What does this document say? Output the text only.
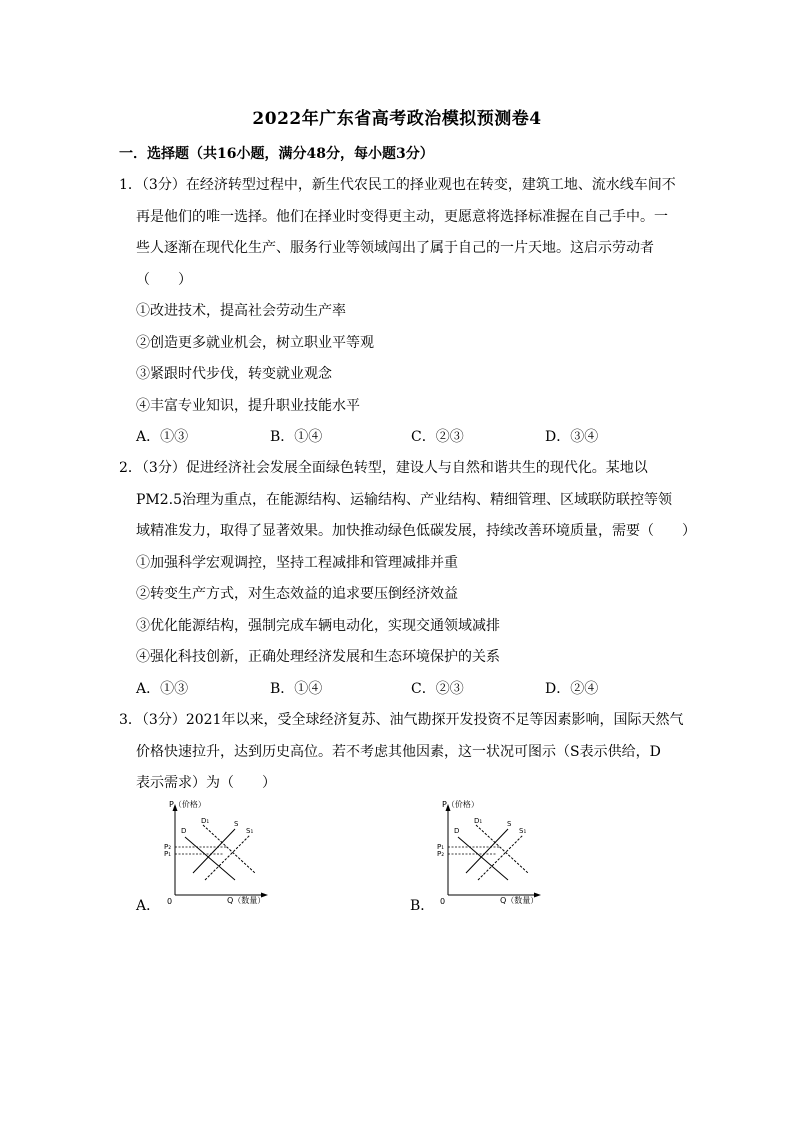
2022年广东省高考政治模拟预测卷4
一．选择题（共16小题，满分48分，每小题3分）

1．（3分）在经济转型过程中，新生代农民工的择业观也在转变，建筑工地、流水线车间不

再是他们的唯一选择。他们在择业时变得更主动，更愿意将选择标准握在自己手中。一

些人逐渐在现代化生产、服务行业等领域闯出了属于自己的一片天地。这启示劳动者

（　　）

①改进技术，提高社会劳动生产率

②创造更多就业机会，树立职业平等观

③紧跟时代步伐，转变就业观念

④丰富专业知识，提升职业技能水平

A．①③	B．①④	C．②③	D．③④

2．（3分）促进经济社会发展全面绿色转型，建设人与自然和谐共生的现代化。某地以

PM2.5治理为重点，在能源结构、运输结构、产业结构、精细管理、区域联防联控等领

域精准发力，取得了显著效果。加快推动绿色低碳发展，持续改善环境质量，需要（　　）

①加强科学宏观调控，坚持工程减排和管理减排并重

②转变生产方式，对生态效益的追求要压倒经济效益

③优化能源结构，强制完成车辆电动化，实现交通领域减排

④强化科技创新，正确处理经济发展和生态环境保护的关系

A．①③	B．①④	C．②③	D．②④

3．（3分）2021年以来，受全球经济复苏、油气勘探开发投资不足等因素影响，国际天然气

价格快速拉升，达到历史高位。若不考虑其他因素，这一状况可图示（S表示供给，D

表示需求）为（　　）

P（价格）
Q（数量）
0
P₂
P₁
D
D₁	S
S₁
A．
P（价格）
Q（数量）
0
P₁
P₂
D
D₁	S
S₁
B．
